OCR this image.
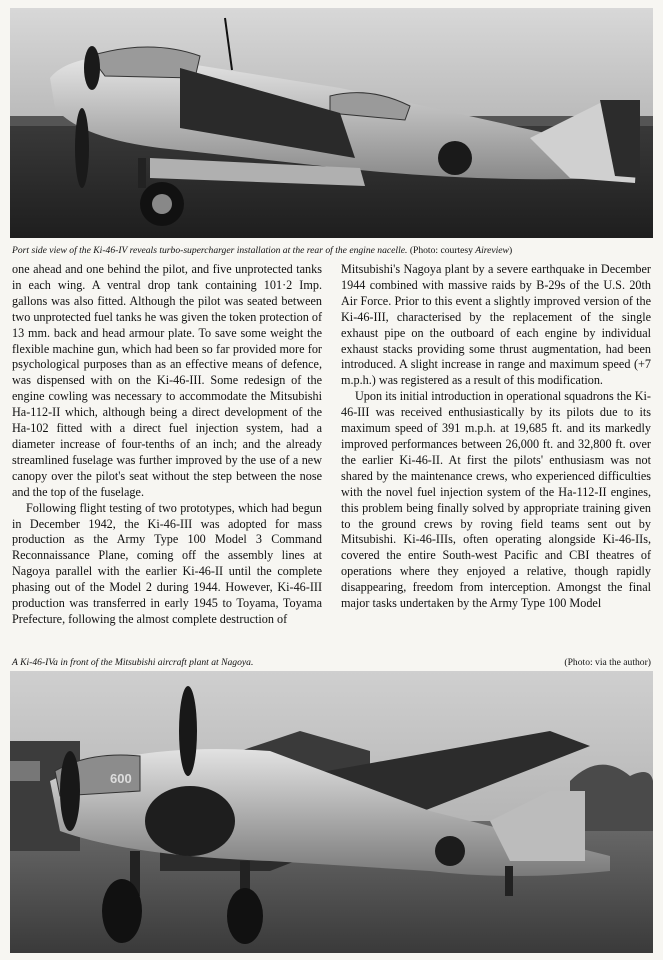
Port side view of the Ki-46-IV reveals turbo-supercharger installation at the rear of the engine nacelle. (Photo: courtesy Aireview)

one ahead and one behind the pilot, and five unprotected tanks in each wing. A ventral drop tank containing 101·2 Imp. gallons was also fitted. Although the pilot was seated between two unprotected fuel tanks he was given the token protection of 13 mm. back and head armour plate. To save some weight the flexible machine gun, which had been so far provided more for psychological purposes than as an effective means of defence, was dispensed with on the Ki-46-III. Some redesign of the engine cowling was necessary to accommodate the Mitsubishi Ha-112-II which, although being a direct development of the Ha-102 fitted with a direct fuel injection system, had a diameter increase of four-tenths of an inch; and the already streamlined fuselage was further improved by the use of a new canopy over the pilot's seat without the step between the nose and the top of the fuselage.

Following flight testing of two prototypes, which had begun in December 1942, the Ki-46-III was adopted for mass production as the Army Type 100 Model 3 Command Reconnaissance Plane, coming off the assembly lines at Nagoya parallel with the earlier Ki-46-II until the complete phasing out of the Model 2 during 1944. However, Ki-46-III production was transferred in early 1945 to Toyama, Toyama Prefecture, following the almost complete destruction of

Mitsubishi's Nagoya plant by a severe earthquake in December 1944 combined with massive raids by B-29s of the U.S. 20th Air Force. Prior to this event a slightly improved version of the Ki-46-III, characterised by the replacement of the single exhaust pipe on the outboard of each engine by individual exhaust stacks providing some thrust augmentation, had been introduced. A slight increase in range and maximum speed (+7 m.p.h.) was registered as a result of this modification.

Upon its initial introduction in operational squadrons the Ki-46-III was received enthusiastically by its pilots due to its maximum speed of 391 m.p.h. at 19,685 ft. and its markedly improved performances between 26,000 ft. and 32,800 ft. over the earlier Ki-46-II. At first the pilots' enthusiasm was not shared by the maintenance crews, who experienced difficulties with the novel fuel injection system of the Ha-112-II engines, this problem being finally solved by appropriate training given to the ground crews by roving field teams sent out by Mitsubishi. Ki-46-IIIs, often operating alongside Ki-46-IIs, covered the entire South-west Pacific and CBI theatres of operations where they enjoyed a relative, though rapidly disappearing, freedom from interception. Amongst the final major tasks undertaken by the Army Type 100 Model

A Ki-46-IVa in front of the Mitsubishi aircraft plant at Nagoya.	(Photo: via the author)
600
